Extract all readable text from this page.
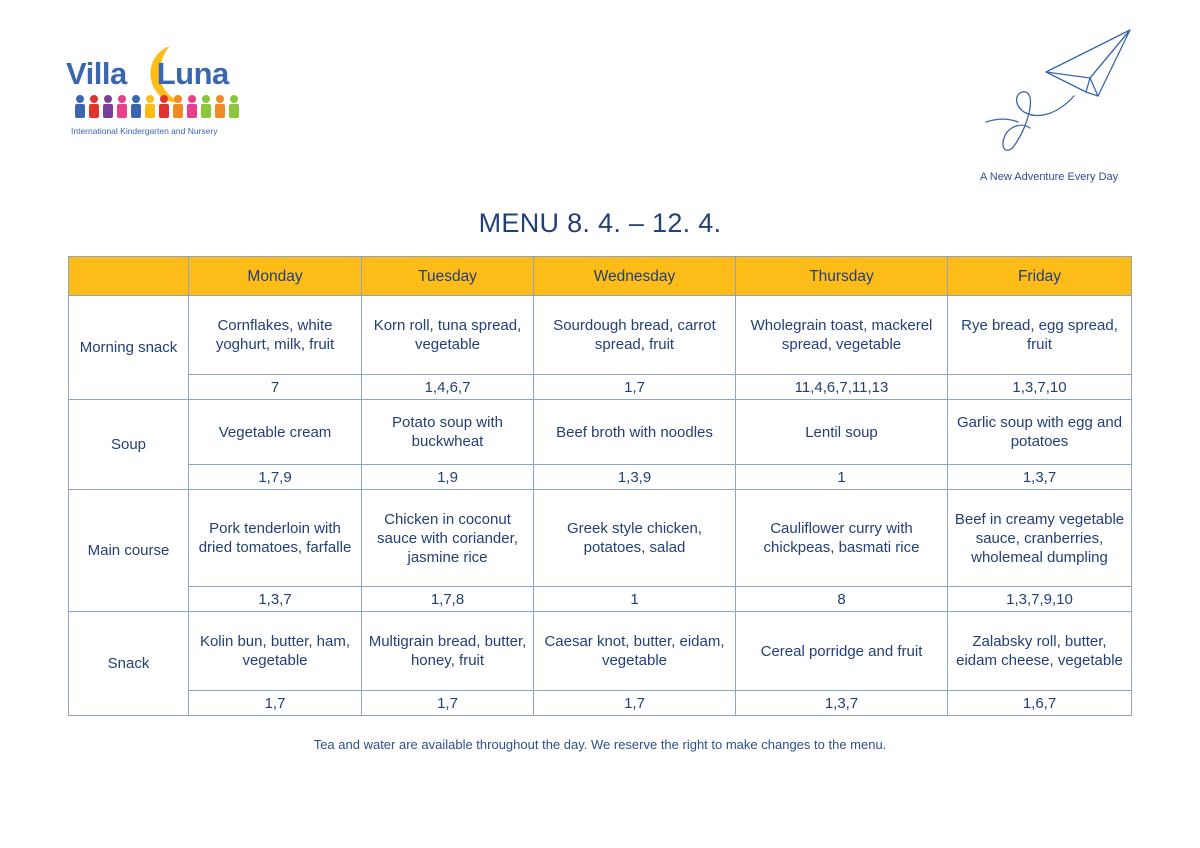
Villa Luna
International Kindergarten and Nursery
A New Adventure Every Day
MENU 8. 4. – 12. 4.
	Monday	Tuesday	Wednesday	Thursday	Friday
Morning snack	Cornflakes, white yoghurt, milk, fruit	Korn roll, tuna spread, vegetable	Sourdough bread, carrot spread, fruit	Wholegrain toast, mackerel spread, vegetable	Rye bread, egg spread, fruit
	7	1,4,6,7	1,7	11,4,6,7,11,13	1,3,7,10
Soup	Vegetable cream	Potato soup with buckwheat	Beef broth with noodles	Lentil soup	Garlic soup with egg and potatoes
	1,7,9	1,9	1,3,9	1	1,3,7
Main course	Pork tenderloin with dried tomatoes, farfalle	Chicken in coconut sauce with coriander, jasmine rice	Greek style chicken, potatoes, salad	Cauliflower curry with chickpeas, basmati rice	Beef in creamy vegetable sauce, cranberries, wholemeal dumpling
	1,3,7	1,7,8	1	8	1,3,7,9,10
Snack	Kolin bun, butter, ham, vegetable	Multigrain bread, butter, honey, fruit	Caesar knot, butter, eidam, vegetable	Cereal porridge and fruit	Zalabsky roll, butter, eidam cheese, vegetable
	1,7	1,7	1,7	1,3,7	1,6,7
Tea and water are available throughout the day. We reserve the right to make changes to the menu.
